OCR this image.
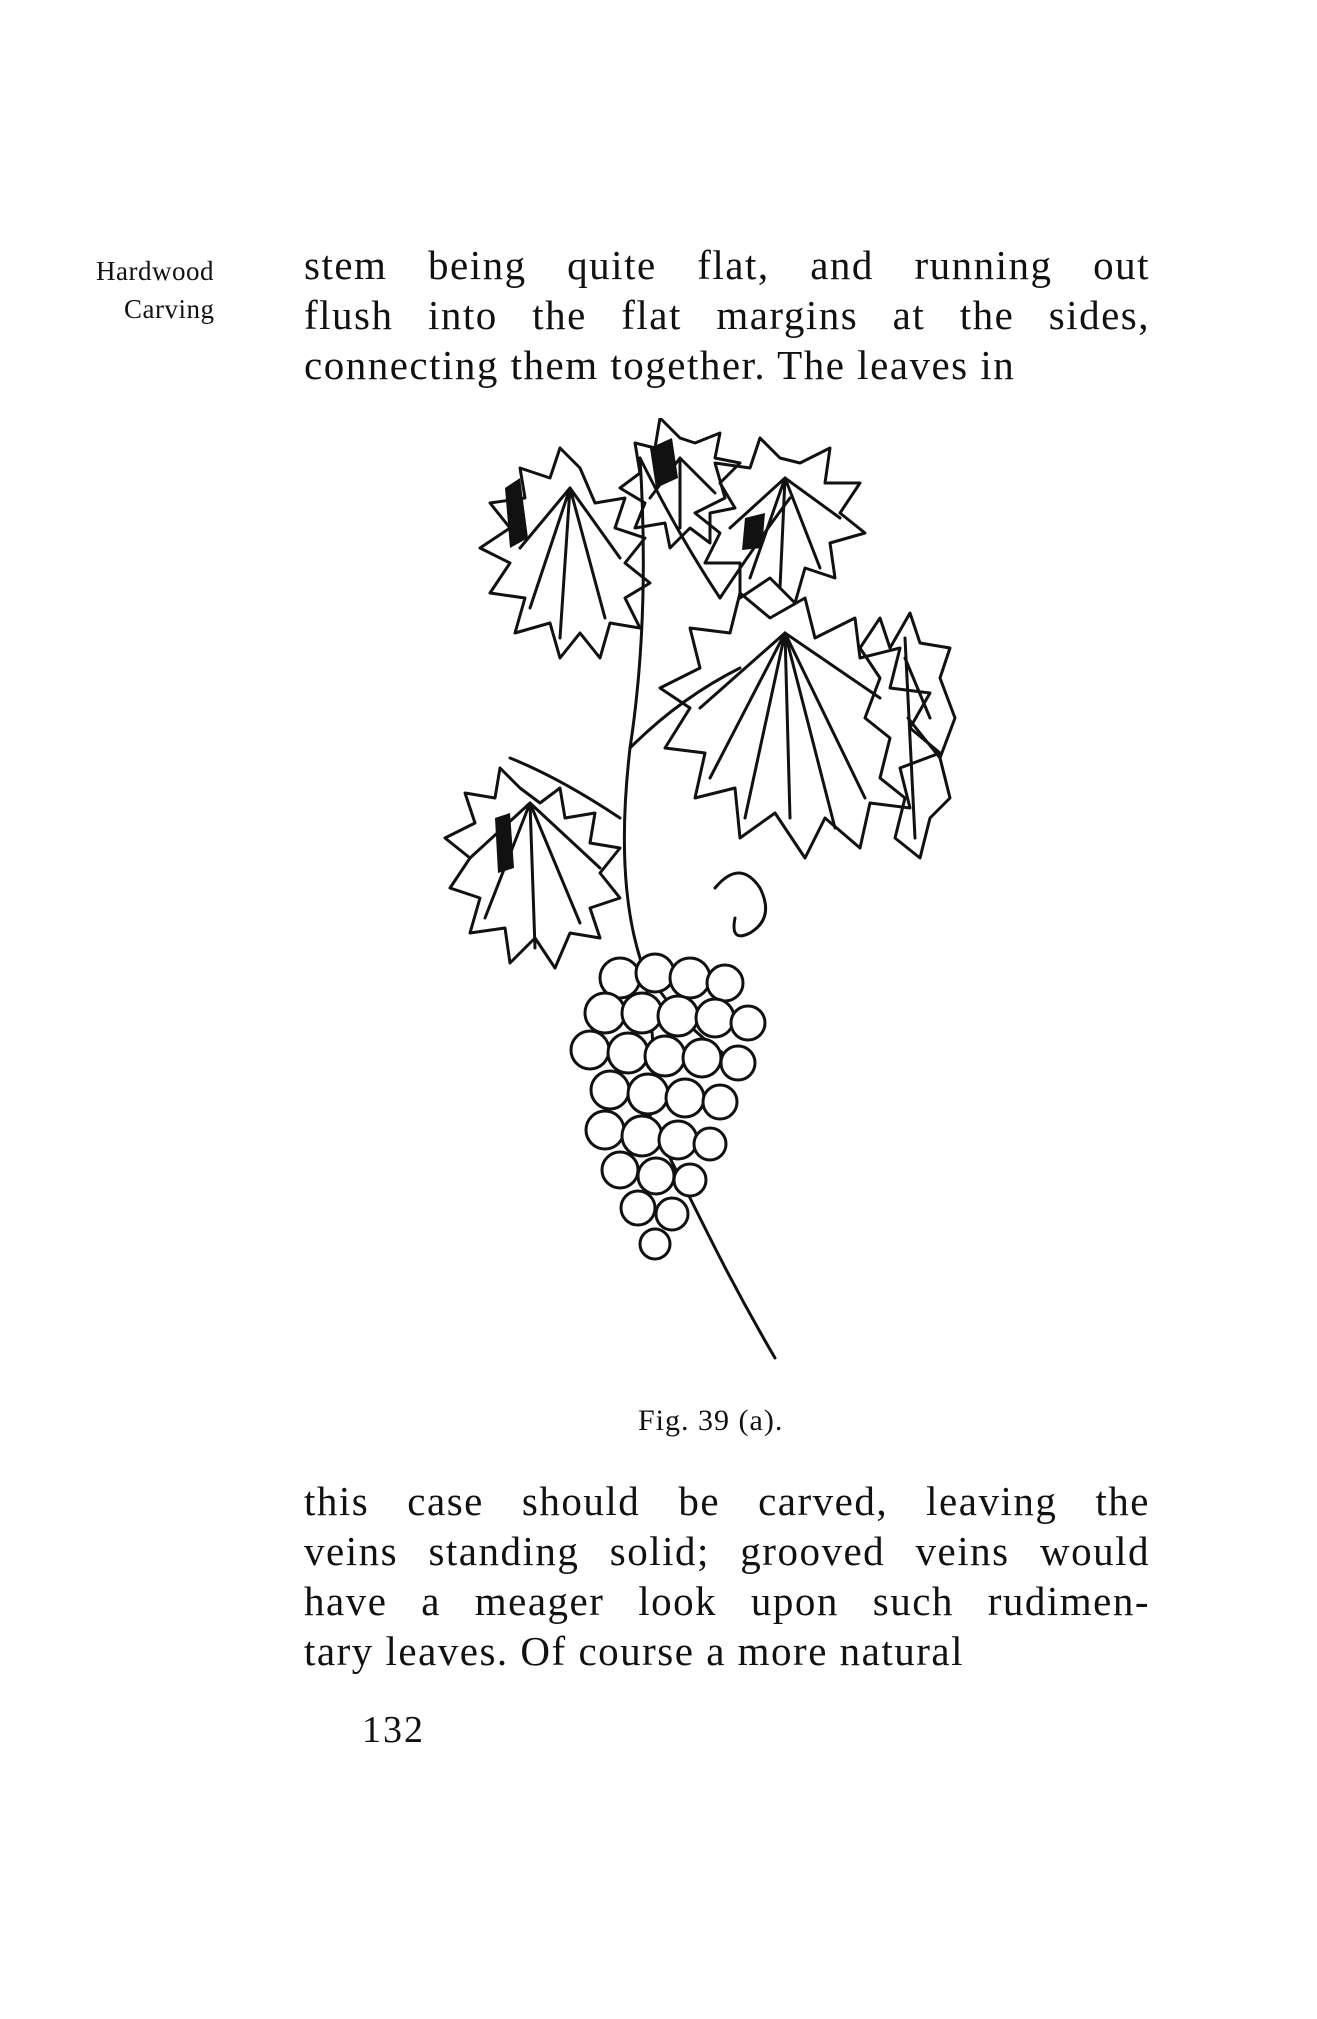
Hardwood
Carving
stem being quite flat, and running out
flush into the flat margins at the sides,
connecting them together. The leaves in
Fig. 39 (a).
this case should be carved, leaving the
veins standing solid; grooved veins would
have a meager look upon such rudimen-
tary leaves. Of course a more natural
132
